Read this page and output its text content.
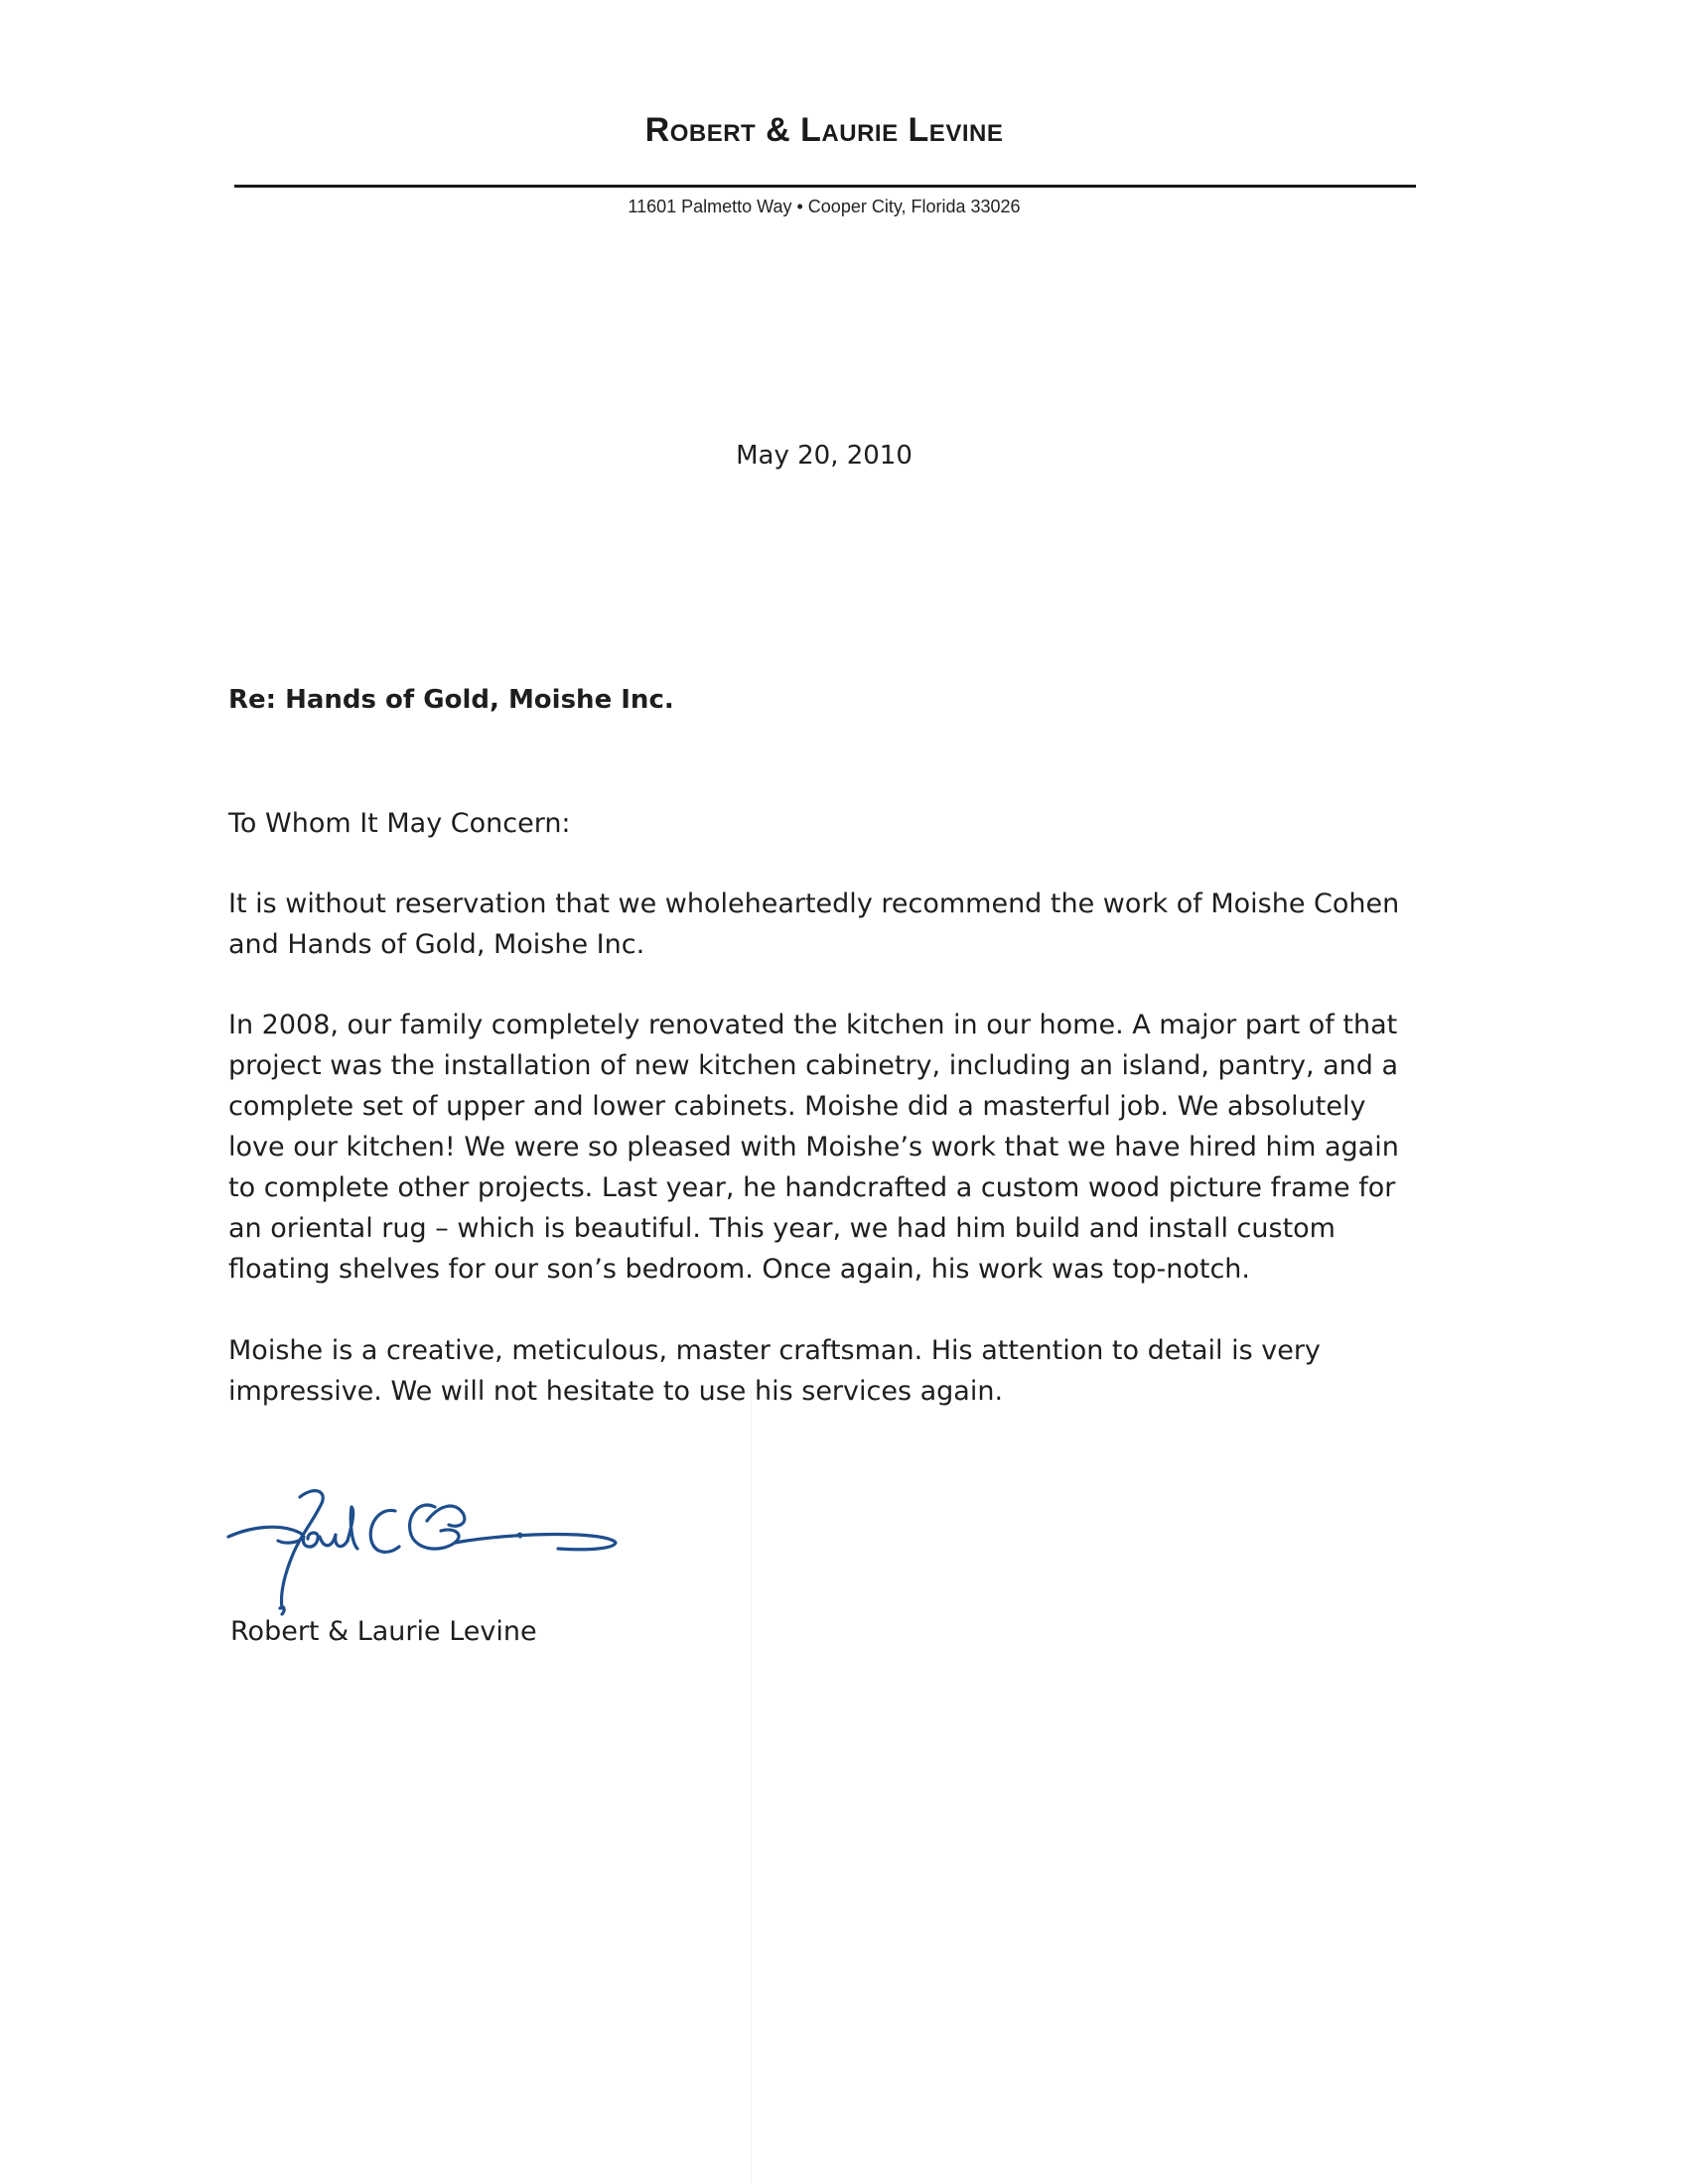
Robert & Laurie Levine
11601 Palmetto Way • Cooper City, Florida 33026
May 20, 2010
Re: Hands of Gold, Moishe Inc.
To Whom It May Concern:
It is without reservation that we wholeheartedly recommend the work of Moishe Cohen
and Hands of Gold, Moishe Inc.
In 2008, our family completely renovated the kitchen in our home. A major part of that
project was the installation of new kitchen cabinetry, including an island, pantry, and a
complete set of upper and lower cabinets. Moishe did a masterful job. We absolutely
love our kitchen! We were so pleased with Moishe’s work that we have hired him again
to complete other projects. Last year, he handcrafted a custom wood picture frame for
an oriental rug – which is beautiful. This year, we had him build and install custom
floating shelves for our son’s bedroom. Once again, his work was top-notch.
Moishe is a creative, meticulous, master craftsman. His attention to detail is very
impressive. We will not hesitate to use his services again.
Robert & Laurie Levine
